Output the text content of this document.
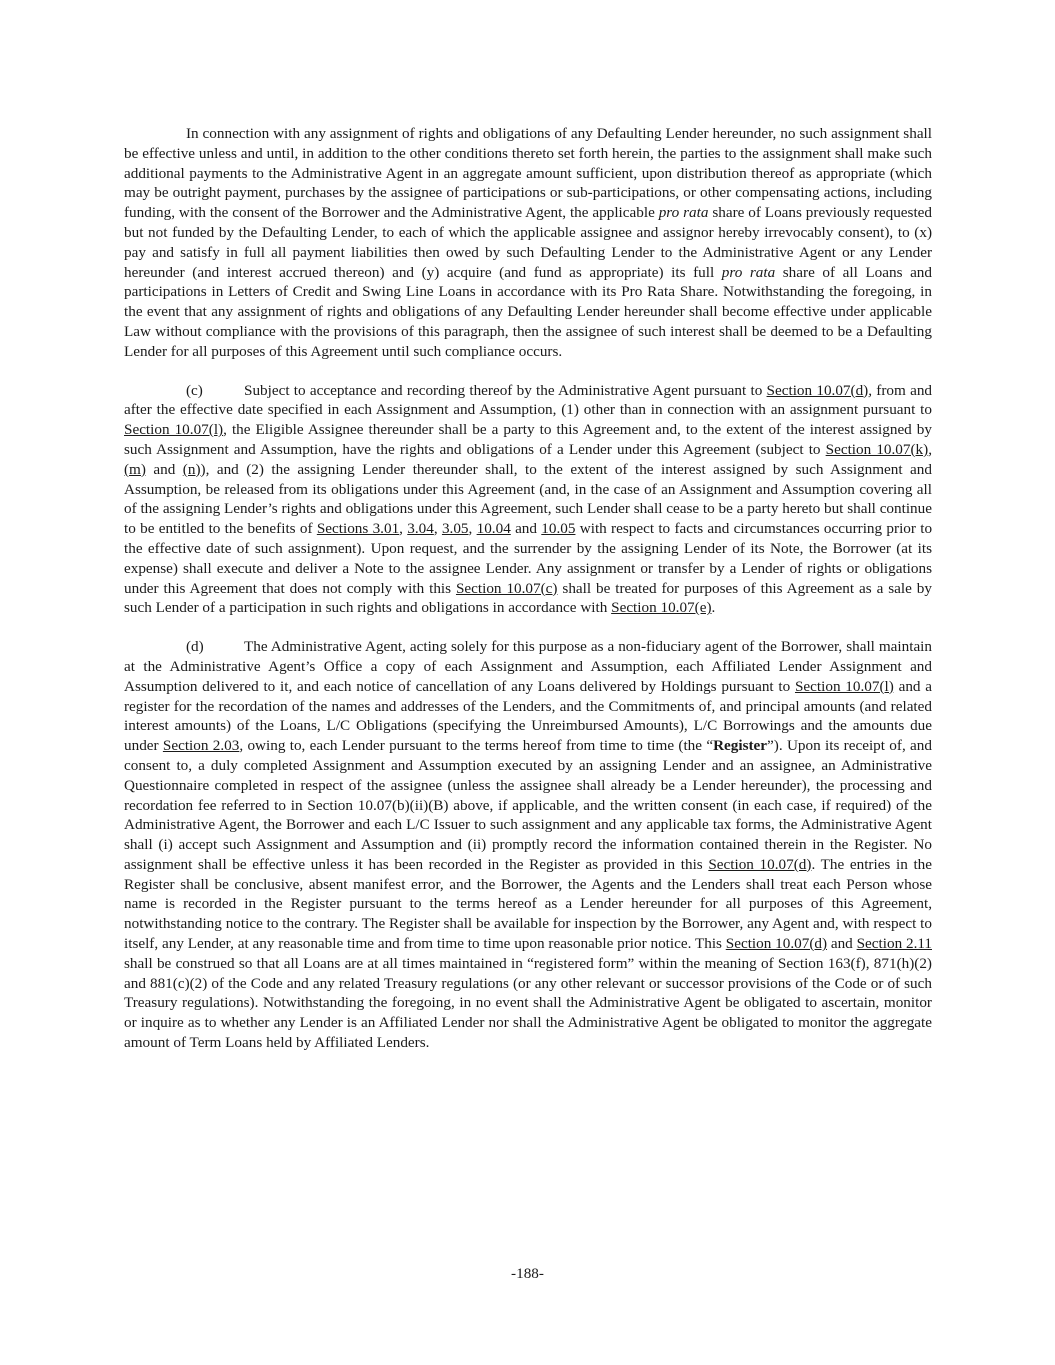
In connection with any assignment of rights and obligations of any Defaulting Lender hereunder, no such assignment shall be effective unless and until, in addition to the other conditions thereto set forth herein, the parties to the assignment shall make such additional payments to the Administrative Agent in an aggregate amount sufficient, upon distribution thereof as appropriate (which may be outright payment, purchases by the assignee of participations or sub-participations, or other compensating actions, including funding, with the consent of the Borrower and the Administrative Agent, the applicable pro rata share of Loans previously requested but not funded by the Defaulting Lender, to each of which the applicable assignee and assignor hereby irrevocably consent), to (x) pay and satisfy in full all payment liabilities then owed by such Defaulting Lender to the Administrative Agent or any Lender hereunder (and interest accrued thereon) and (y) acquire (and fund as appropriate) its full pro rata share of all Loans and participations in Letters of Credit and Swing Line Loans in accordance with its Pro Rata Share. Notwithstanding the foregoing, in the event that any assignment of rights and obligations of any Defaulting Lender hereunder shall become effective under applicable Law without compliance with the provisions of this paragraph, then the assignee of such interest shall be deemed to be a Defaulting Lender for all purposes of this Agreement until such compliance occurs.

(c)	Subject to acceptance and recording thereof by the Administrative Agent pursuant to Section 10.07(d), from and after the effective date specified in each Assignment and Assumption, (1) other than in connection with an assignment pursuant to Section 10.07(l), the Eligible Assignee thereunder shall be a party to this Agreement and, to the extent of the interest assigned by such Assignment and Assumption, have the rights and obligations of a Lender under this Agreement (subject to Section 10.07(k), (m) and (n)), and (2) the assigning Lender thereunder shall, to the extent of the interest assigned by such Assignment and Assumption, be released from its obligations under this Agreement (and, in the case of an Assignment and Assumption covering all of the assigning Lender’s rights and obligations under this Agreement, such Lender shall cease to be a party hereto but shall continue to be entitled to the benefits of Sections 3.01, 3.04, 3.05, 10.04 and 10.05 with respect to facts and circumstances occurring prior to the effective date of such assignment). Upon request, and the surrender by the assigning Lender of its Note, the Borrower (at its expense) shall execute and deliver a Note to the assignee Lender. Any assignment or transfer by a Lender of rights or obligations under this Agreement that does not comply with this Section 10.07(c) shall be treated for purposes of this Agreement as a sale by such Lender of a participation in such rights and obligations in accordance with Section 10.07(e).

(d)	The Administrative Agent, acting solely for this purpose as a non-fiduciary agent of the Borrower, shall maintain at the Administrative Agent’s Office a copy of each Assignment and Assumption, each Affiliated Lender Assignment and Assumption delivered to it, and each notice of cancellation of any Loans delivered by Holdings pursuant to Section 10.07(l) and a register for the recordation of the names and addresses of the Lenders, and the Commitments of, and principal amounts (and related interest amounts) of the Loans, L/C Obligations (specifying the Unreimbursed Amounts), L/C Borrowings and the amounts due under Section 2.03, owing to, each Lender pursuant to the terms hereof from time to time (the “Register”). Upon its receipt of, and consent to, a duly completed Assignment and Assumption executed by an assigning Lender and an assignee, an Administrative Questionnaire completed in respect of the assignee (unless the assignee shall already be a Lender hereunder), the processing and recordation fee referred to in Section 10.07(b)(ii)(B) above, if applicable, and the written consent (in each case, if required) of the Administrative Agent, the Borrower and each L/C Issuer to such assignment and any applicable tax forms, the Administrative Agent shall (i) accept such Assignment and Assumption and (ii) promptly record the information contained therein in the Register. No assignment shall be effective unless it has been recorded in the Register as provided in this Section 10.07(d). The entries in the Register shall be conclusive, absent manifest error, and the Borrower, the Agents and the Lenders shall treat each Person whose name is recorded in the Register pursuant to the terms hereof as a Lender hereunder for all purposes of this Agreement, notwithstanding notice to the contrary. The Register shall be available for inspection by the Borrower, any Agent and, with respect to itself, any Lender, at any reasonable time and from time to time upon reasonable prior notice. This Section 10.07(d) and Section 2.11 shall be construed so that all Loans are at all times maintained in “registered form” within the meaning of Section 163(f), 871(h)(2) and 881(c)(2) of the Code and any related Treasury regulations (or any other relevant or successor provisions of the Code or of such Treasury regulations). Notwithstanding the foregoing, in no event shall the Administrative Agent be obligated to ascertain, monitor or inquire as to whether any Lender is an Affiliated Lender nor shall the Administrative Agent be obligated to monitor the aggregate amount of Term Loans held by Affiliated Lenders.

-188-
